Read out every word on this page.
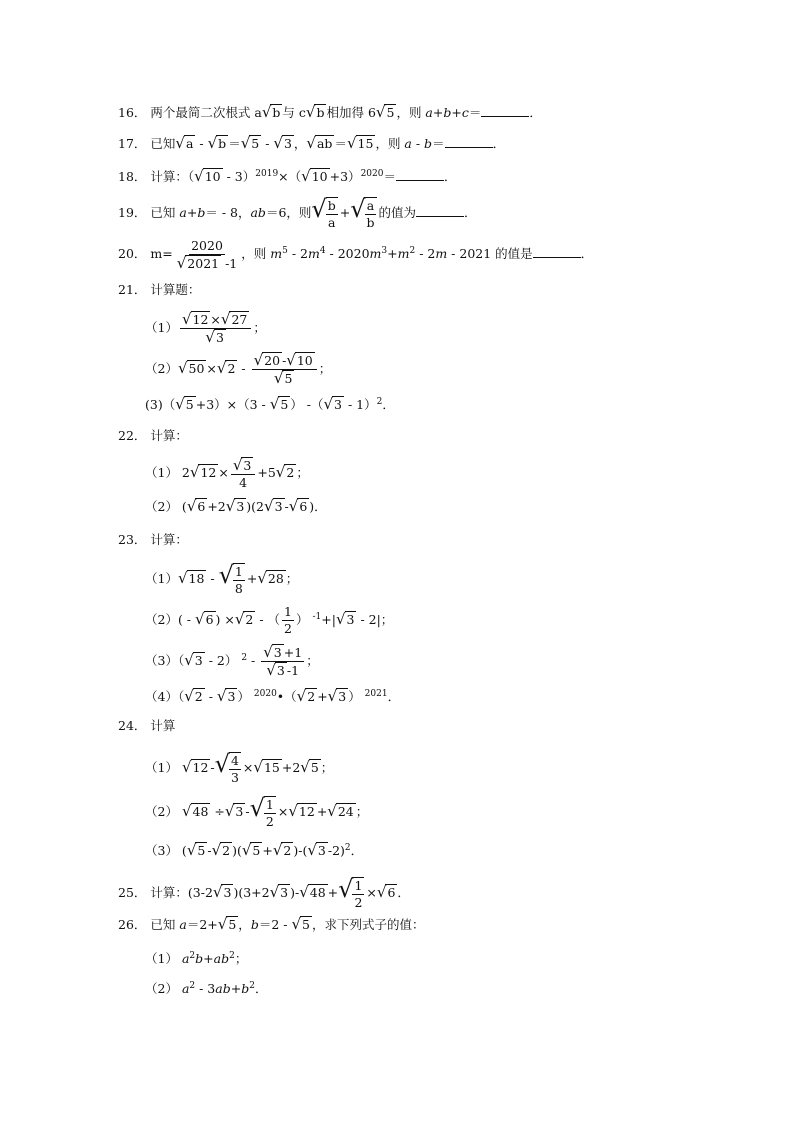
16． 两个最简二次根式 a√b 与 c√b 相加得 6√5 ，则 a+b+c＝	．
17． 已知√a - √b ＝√5 - √3 ，√ab ＝√15 ，则 a - b＝	．
18． 计算：$(√10 - 3)^{2019}\times(√10 +3)^{2020}=$	．
19． 已知 a+b＝ - 8，ab＝6，则√ $\frac{b}{a}$ +√ $\frac{a}{b}$ 的值为	．
20． $m= \frac{2020}{√2021 -1}$ ，则 $m^5 - 2m^4 - 2020m^3+m^2 - 2m - 2021$ 的值是	．
21． 计算题：
$(1) \frac{√12 \times√27}{√3}$ ；
$(2)√50 \times√2 - \frac{√20 -√10}{√5}$ ；
(3)（√5 +3）×（3 - √5 ） -（√3 - 1）$^2$．
22． 计算：
（1） $2√12 \times \frac{√3}{4} +5√2$ ；
（2） (√6 +2√3 )(2√3 -√6 )．
23． 计算：
（1）√18 - √ $\frac{1}{8} +√28$ ；
（2）( - √6 ) ×√2 - （ $\frac{1}{2}$ ） $^{-1}$+|√3 - 2|；
（3）（√3 - 2） $^2 - \frac{√3 +1}{√3 -1}$ ；
（4）（√2 - √3 ） $^{2020}$•（√2 +√3 ） $^{2021}$．
24． 计算
（1） √12 -√ $\frac{4}{3} \times√15 +2√5$ ；
（2） √48 ÷√3 -√ $\frac{1}{2} \times√12 +√24$ ；
（3） (√5 -√2 )(√5 +√2 )-(√3 -2)$^2$．
25． 计算：(3-2√3 )(3+2√3 )-√48 +√ $\frac{1}{2} \times√6$ ．
26． 已知 a＝2+√5 ，b＝2 - √5 ，求下列式子的值：
（1） $a^2b+ab^2$；
（2） $a^2 - 3ab+b^2$．
